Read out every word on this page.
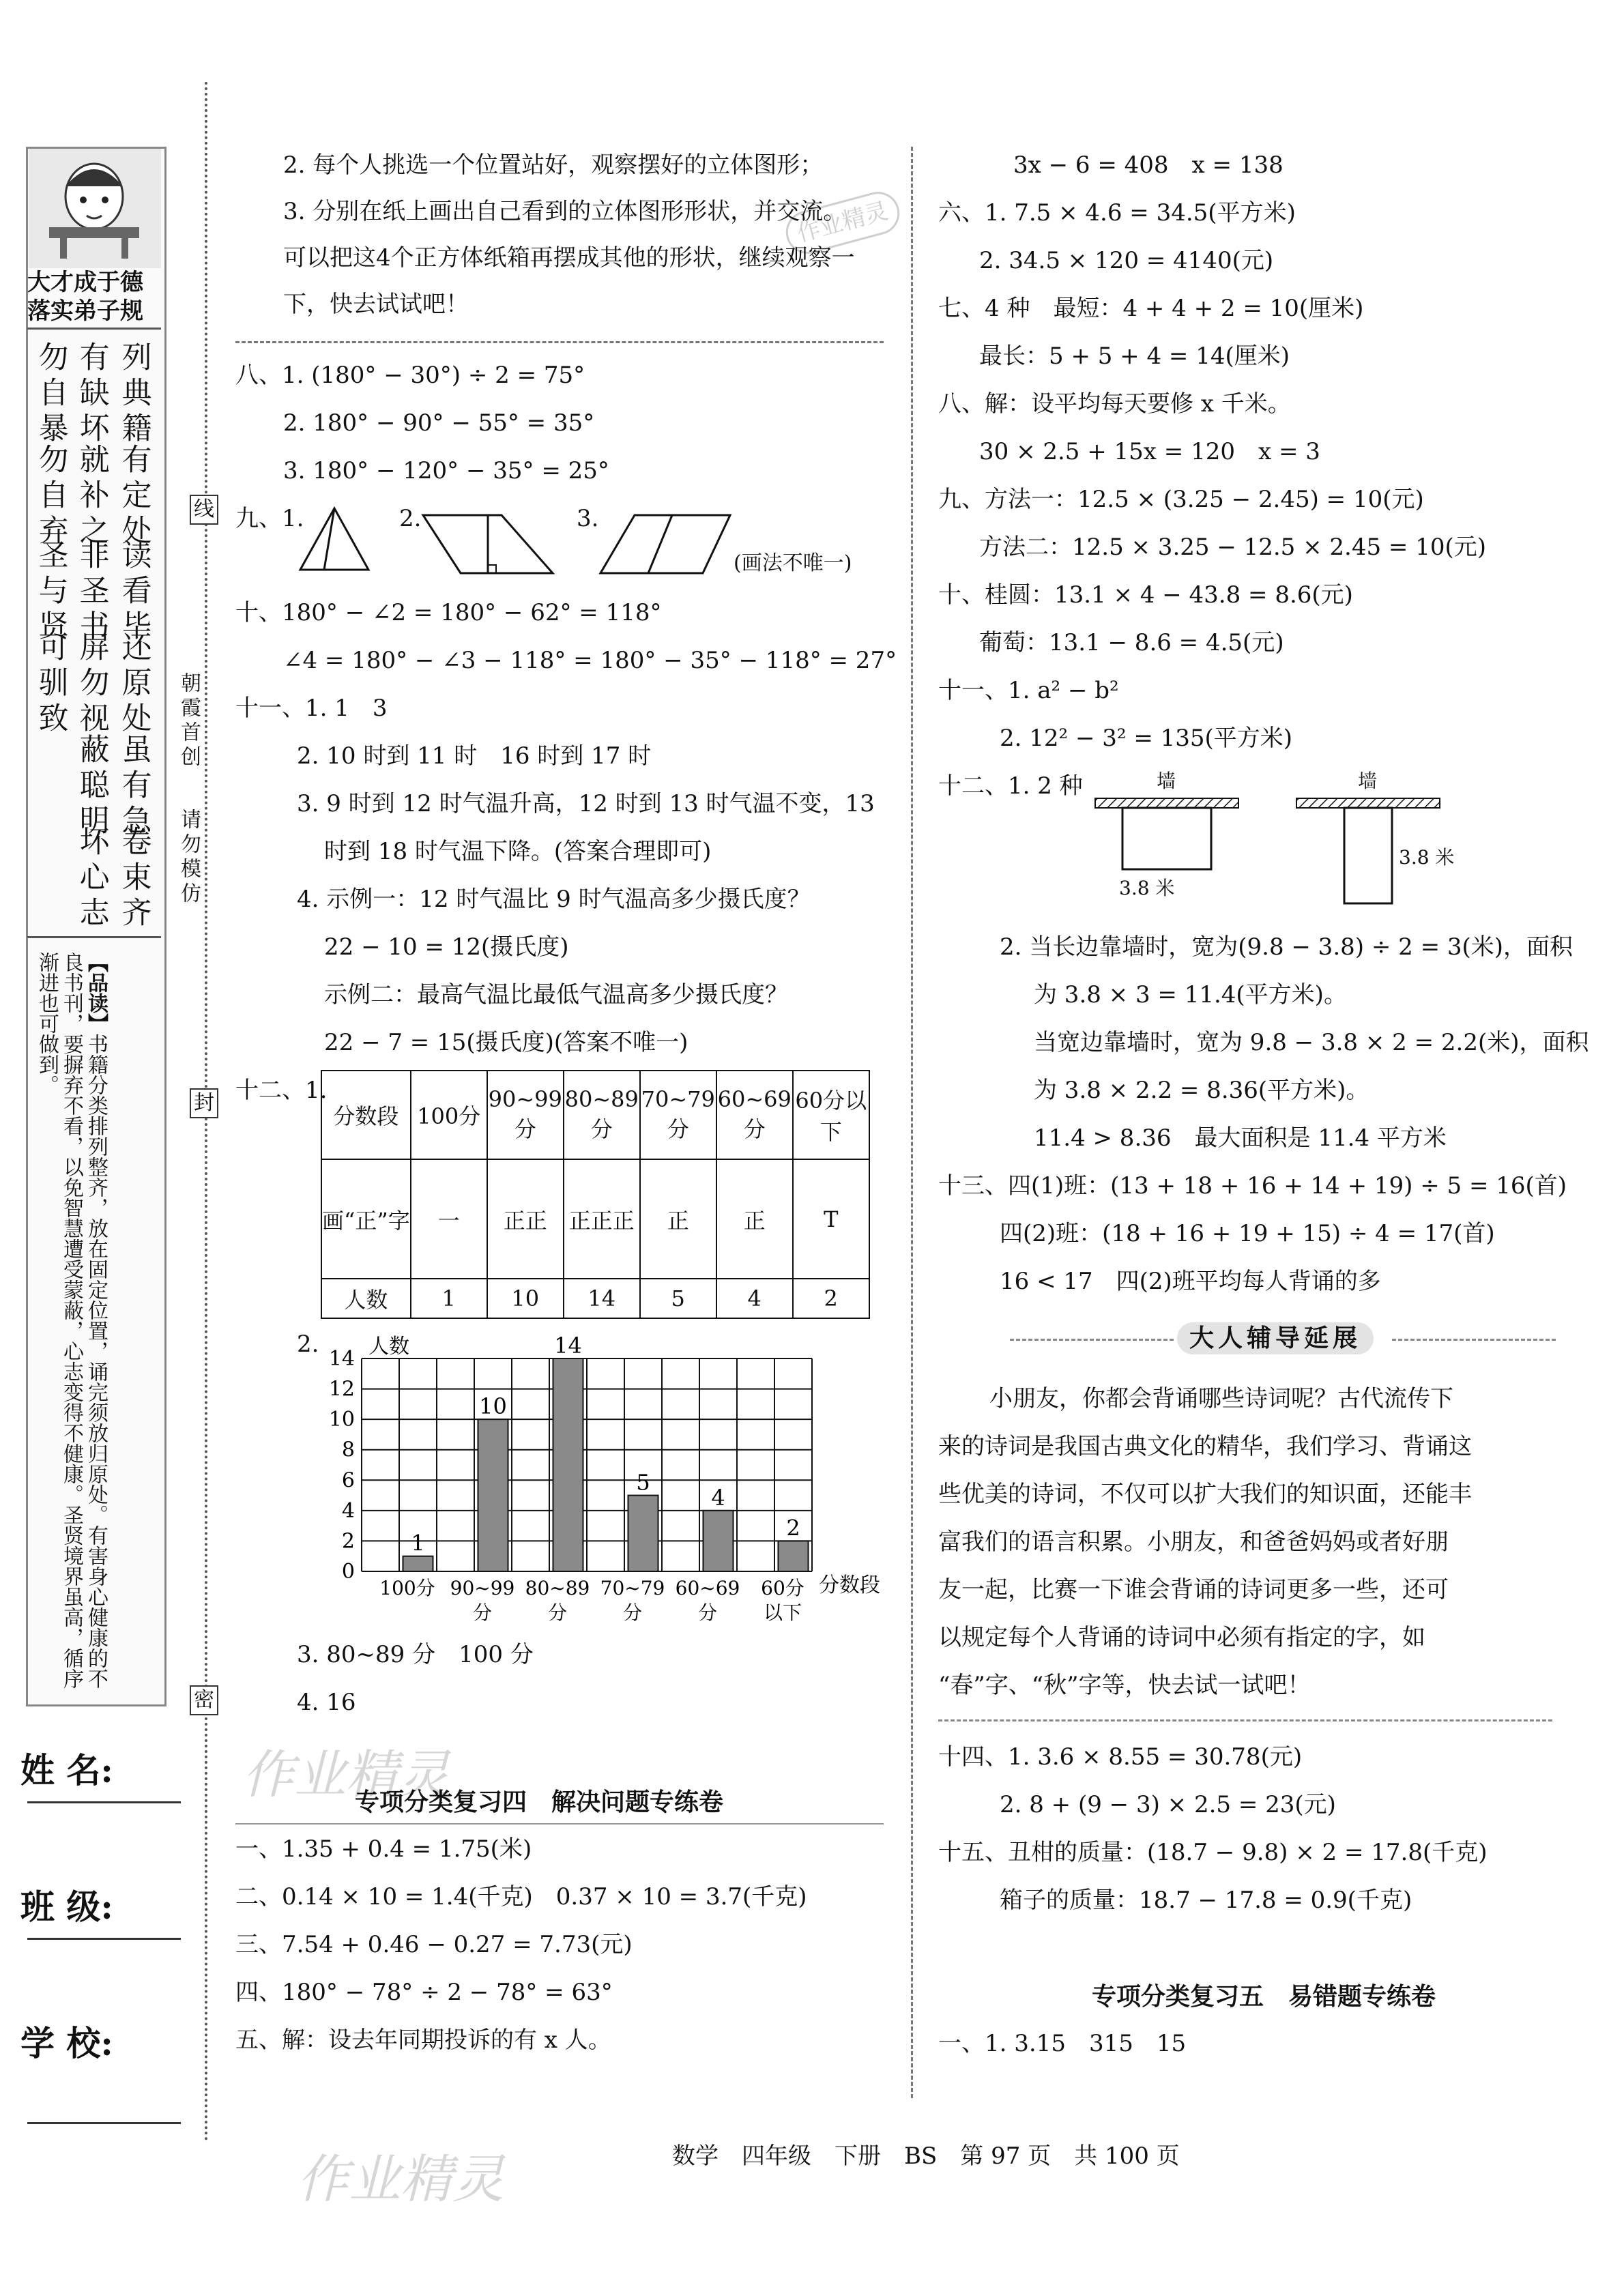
大才成于德
落实弟子规
列典籍
有缺坏
勿自暴
有定处
就补之
勿自弃
读看毕
非圣书
圣与贤
还原处
屏勿视
可驯致
虽有急
蔽聪明
卷束齐
坏心志
【品读】书籍分类排列整齐，放在固定位置，诵完须放归原处。有害身心健康的不良书刊，要摒弃不看，以免智慧遭受蒙蔽，心志变得不健康。圣贤境界虽高，循序渐进也可做到。
姓 名:
班 级:
学 校:
线
封
密
朝霞首创
请勿模仿
作业精灵
作业精灵
作业精灵
2. 每个人挑选一个位置站好，观察摆好的立体图形；
3. 分别在纸上画出自己看到的立体图形形状，并交流。
可以把这4个正方体纸箱再摆成其他的形状，继续观察一
下，快去试试吧！
八、1. (180° − 30°) ÷ 2 = 75°
2. 180° − 90° − 55° = 35°
3. 180° − 120° − 35° = 25°
九、1.	2.	3.
(画法不唯一)
十、180° − ∠2 = 180° − 62° = 118°
∠4 = 180° − ∠3 − 118° = 180° − 35° − 118° = 27°
十一、1. 1　3
2. 10 时到 11 时　16 时到 17 时
3. 9 时到 12 时气温升高，12 时到 13 时气温不变，13
时到 18 时气温下降。(答案合理即可)
4. 示例一：12 时气温比 9 时气温高多少摄氏度？
22 − 10 = 12(摄氏度)
示例二：最高气温比最低气温高多少摄氏度？
22 − 7 = 15(摄氏度)(答案不唯一)
十二、1.
分数段	100分	90~99分	80~89分	70~79分	60~69分	60分以下
画“正”字	一	正正	正正正	正	正	T
人数	1	10	14	5	4	2
2.
0
2
4
6
8
10
12
14
1
100分
10
90~99
分
14
80~89
分
5
70~79
分
4
60~69
分
2
60分
以下
人数
分数段
3. 80~89 分　100 分
4. 16
专项分类复习四　解决问题专练卷
一、1.35 + 0.4 = 1.75(米)
二、0.14 × 10 = 1.4(千克)　0.37 × 10 = 3.7(千克)
三、7.54 + 0.46 − 0.27 = 7.73(元)
四、180° − 78° ÷ 2 − 78° = 63°
五、解：设去年同期投诉的有 x 人。
3x − 6 = 408　x = 138
六、1. 7.5 × 4.6 = 34.5(平方米)
2. 34.5 × 120 = 4140(元)
七、4 种　最短：4 + 4 + 2 = 10(厘米)
最长：5 + 5 + 4 = 14(厘米)
八、解：设平均每天要修 x 千米。
30 × 2.5 + 15x = 120　x = 3
九、方法一：12.5 × (3.25 − 2.45) = 10(元)
方法二：12.5 × 3.25 − 12.5 × 2.45 = 10(元)
十、桂圆：13.1 × 4 − 43.8 = 8.6(元)
葡萄：13.1 − 8.6 = 4.5(元)
十一、1. a² − b²
2. 12² − 3² = 135(平方米)
十二、1. 2 种	墙
3.8 米
墙
3.8 米
2. 当长边靠墙时，宽为(9.8 − 3.8) ÷ 2 = 3(米)，面积
为 3.8 × 3 = 11.4(平方米)。
当宽边靠墙时，宽为 9.8 − 3.8 × 2 = 2.2(米)，面积
为 3.8 × 2.2 = 8.36(平方米)。
11.4 > 8.36　最大面积是 11.4 平方米
十三、四(1)班：(13 + 18 + 16 + 14 + 19) ÷ 5 = 16(首)
四(2)班：(18 + 16 + 19 + 15) ÷ 4 = 17(首)
16 < 17　四(2)班平均每人背诵的多
大人辅导延展
小朋友，你都会背诵哪些诗词呢？古代流传下
来的诗词是我国古典文化的精华，我们学习、背诵这
些优美的诗词，不仅可以扩大我们的知识面，还能丰
富我们的语言积累。小朋友，和爸爸妈妈或者好朋
友一起，比赛一下谁会背诵的诗词更多一些，还可
以规定每个人背诵的诗词中必须有指定的字，如
“春”字、“秋”字等，快去试一试吧！
十四、1. 3.6 × 8.55 = 30.78(元)
2. 8 + (9 − 3) × 2.5 = 23(元)
十五、丑柑的质量：(18.7 − 9.8) × 2 = 17.8(千克)
箱子的质量：18.7 − 17.8 = 0.9(千克)
专项分类复习五　易错题专练卷
一、1. 3.15　315　15
数学　四年级　下册　BS　第 97 页　共 100 页
